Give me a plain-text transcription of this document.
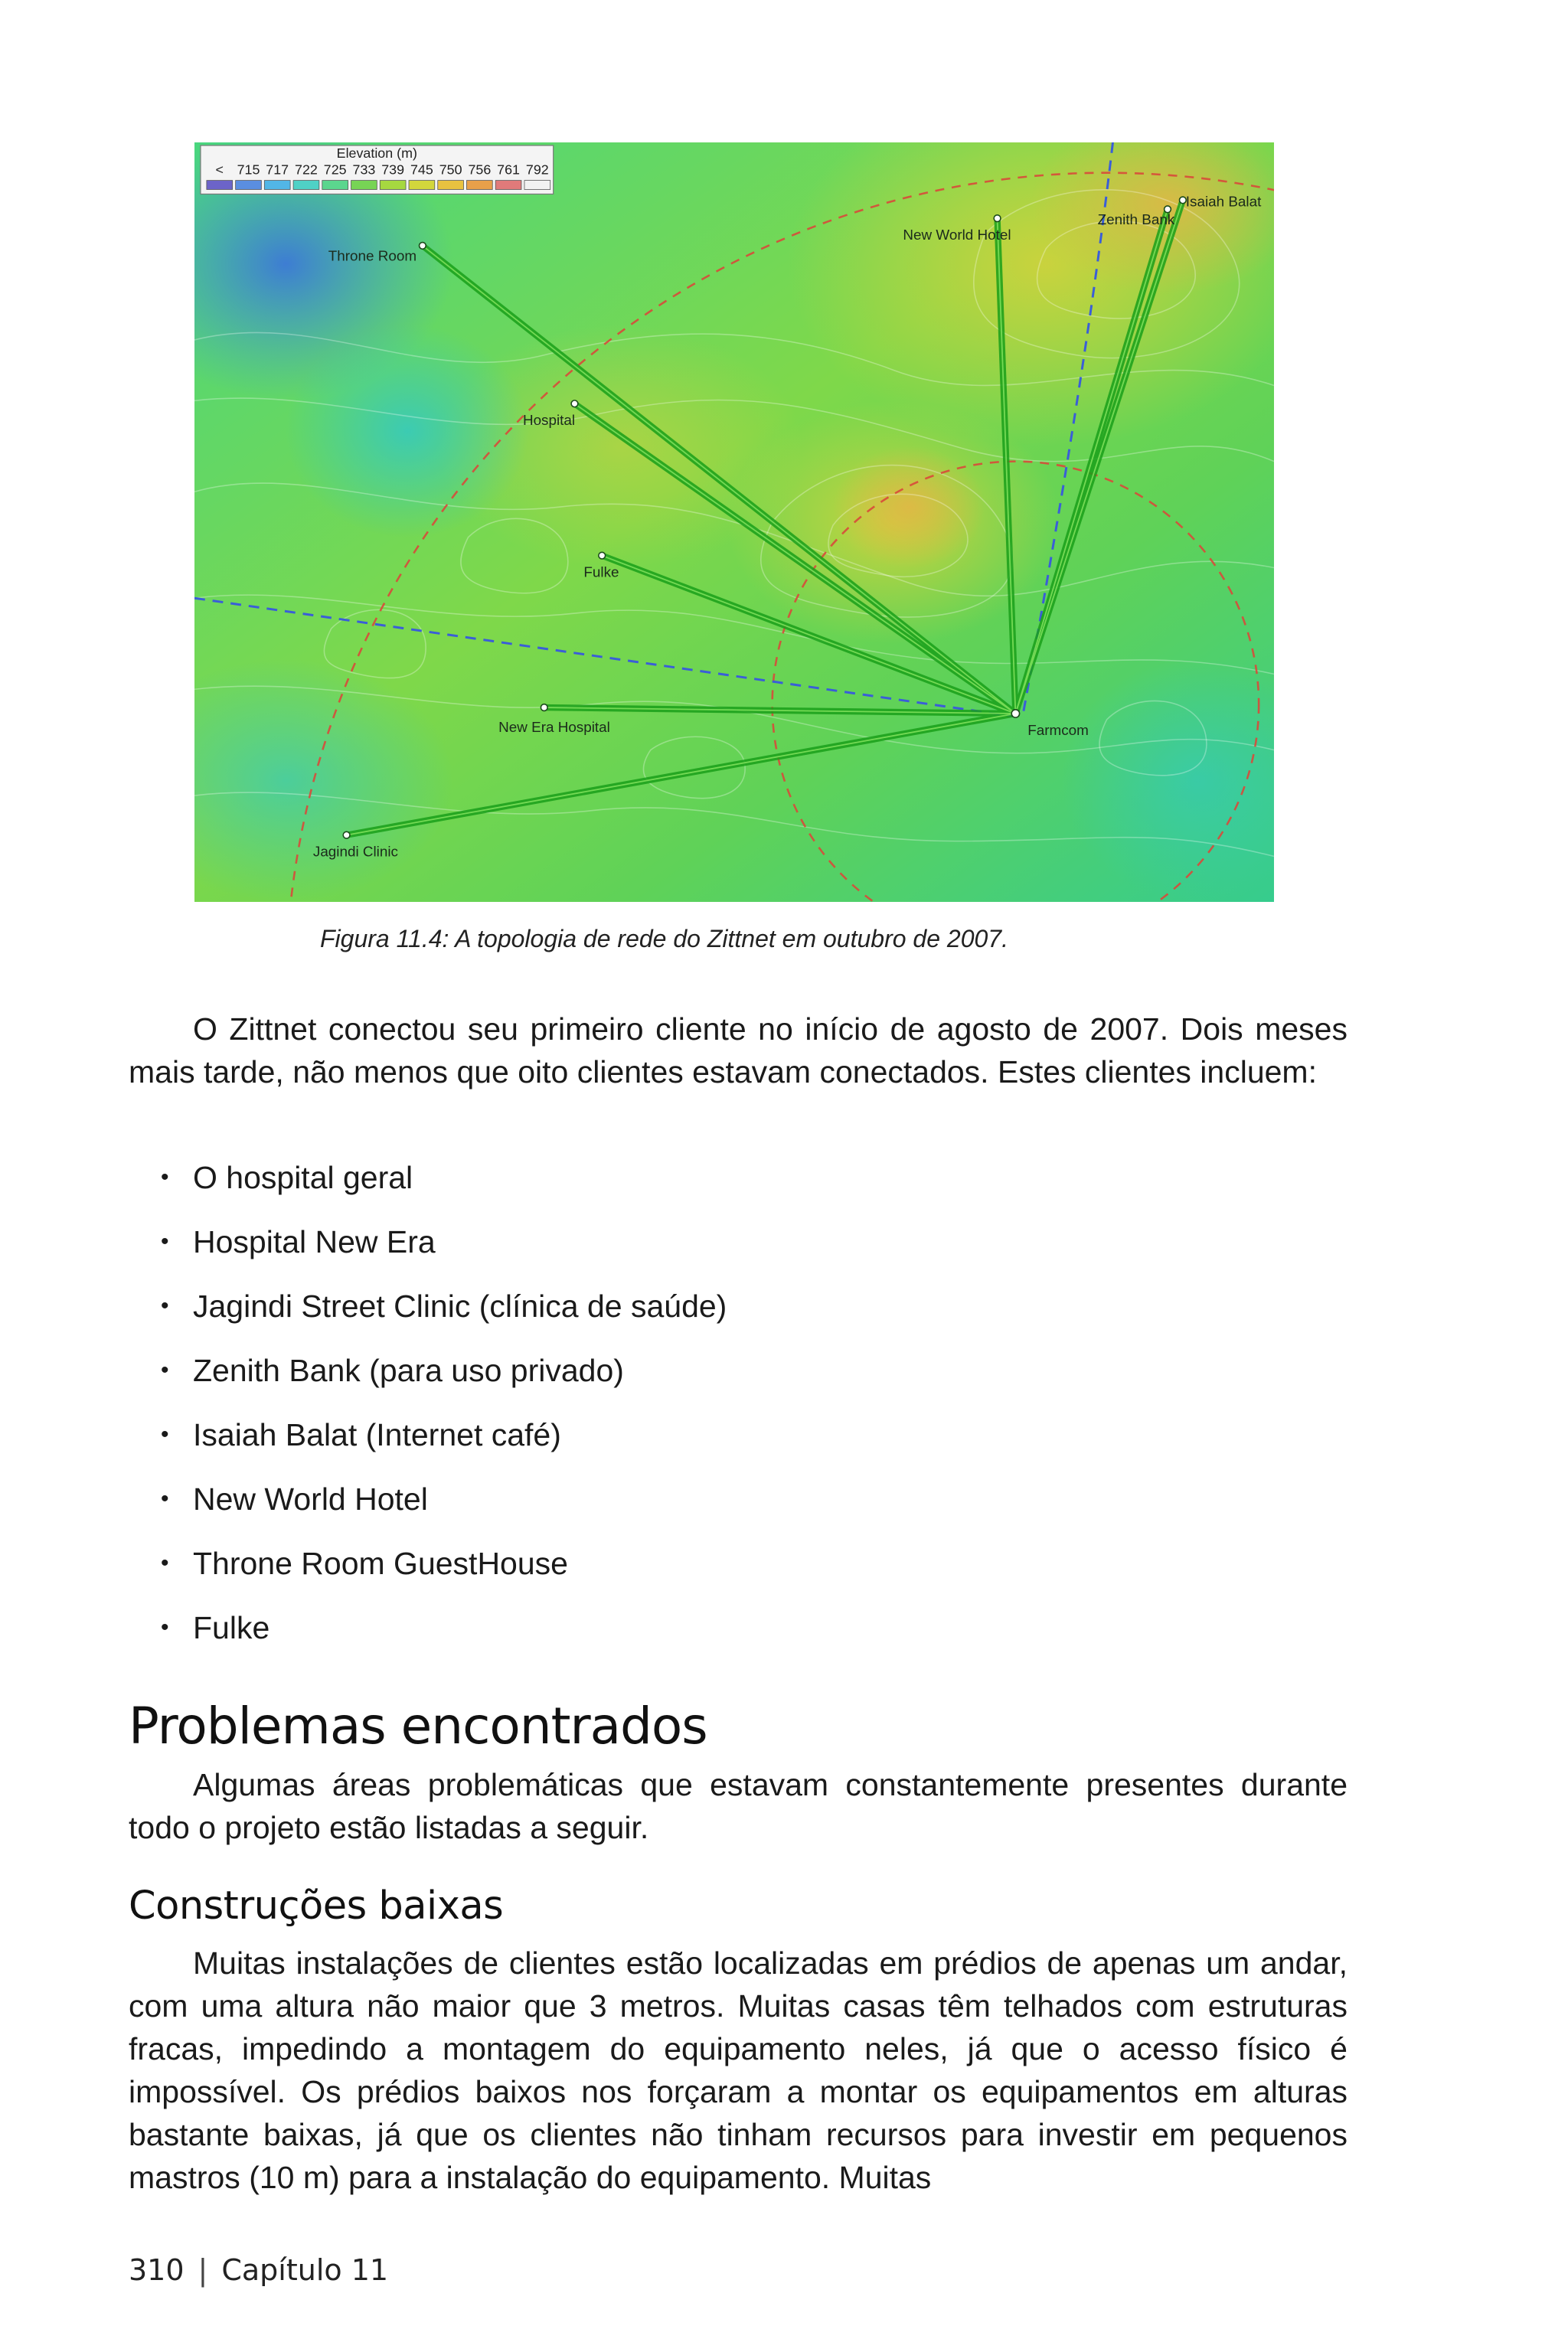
Throne Room
Hospital
Fulke
New Era Hospital
Jagindi Clinic
New World Hotel
Zenith Bank
Isaiah Balat
Farmcom
Elevation (m)
< 715 717 722 725 733 739 745 750 756 761 792
Figura 11.4: A topologia de rede do Zittnet em outubro de 2007.

O Zittnet conectou seu primeiro cliente no início de agosto de 2007. Dois meses mais tarde, não menos que oito clientes estavam conectados. Estes clientes incluem:

• O hospital geral
• Hospital New Era
• Jagindi Street Clinic (clínica de saúde)
• Zenith Bank (para uso privado)
• Isaiah Balat (Internet café)
• New World Hotel
• Throne Room GuestHouse
• Fulke
Problemas encontrados

Algumas áreas problemáticas que estavam constantemente presentes durante todo o projeto estão listadas a seguir.

Construções baixas

Muitas instalações de clientes estão localizadas em prédios de apenas um andar, com uma altura não maior que 3 metros. Muitas casas têm telhados com estruturas fracas, impedindo a montagem do equipamento neles, já que o acesso físico é impossível. Os prédios baixos nos forçaram a montar os equipamentos em alturas bastante baixas, já que os clientes não tinham recursos para investir em pequenos mastros (10 m) para a instalação do equipamento. Muitas

310 | Capítulo 11
